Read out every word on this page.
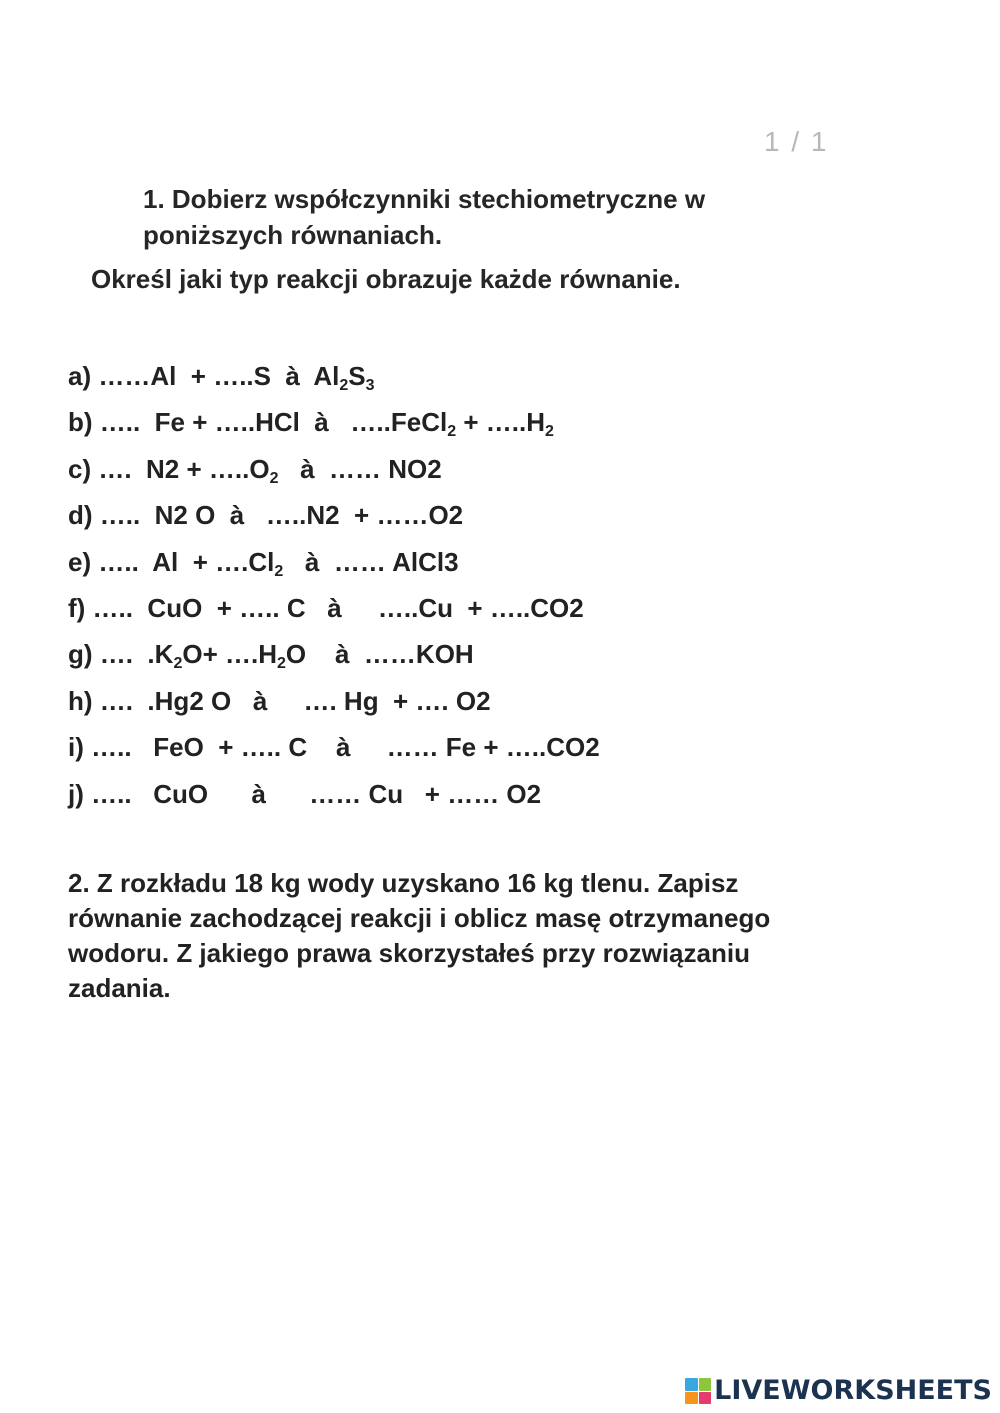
1 / 1
1. Dobierz współczynniki stechiometryczne w poniższych równaniach.
Określ jaki typ reakcji obrazuje każde równanie.
a) ……Al  + …..S  à  $Al_2S_3$
b) …..  Fe + …..HCl  à   …..FeCl$_2$ + $\dots..H_2$
c) ….  $N2 + \dots..O_2$   à  …… NO2
d) …..  N2 O  à   …..N2  + ……O2
e) …..  $Al + \dots.Cl_2$   à  …… AlCl3
f) …..  CuO  + ….. C   à     …..Cu  + …..CO2
g) ….  $.K_2O+$ $\dots.H_2O$    à  ……KOH
h) ….  .Hg2 O   à     …. Hg  + …. O2
i) …..   FeO  + ….. C    à     …… Fe + …..CO2
j) …..   CuO      à      …… Cu   + …… O2
2. Z rozkładu 18 kg wody uzyskano 16 kg tlenu. Zapisz równanie zachodzącej reakcji i oblicz masę otrzymanego wodoru. Z jakiego prawa skorzystałeś przy rozwiązaniu zadania.
LIVEWORKSHEETS
